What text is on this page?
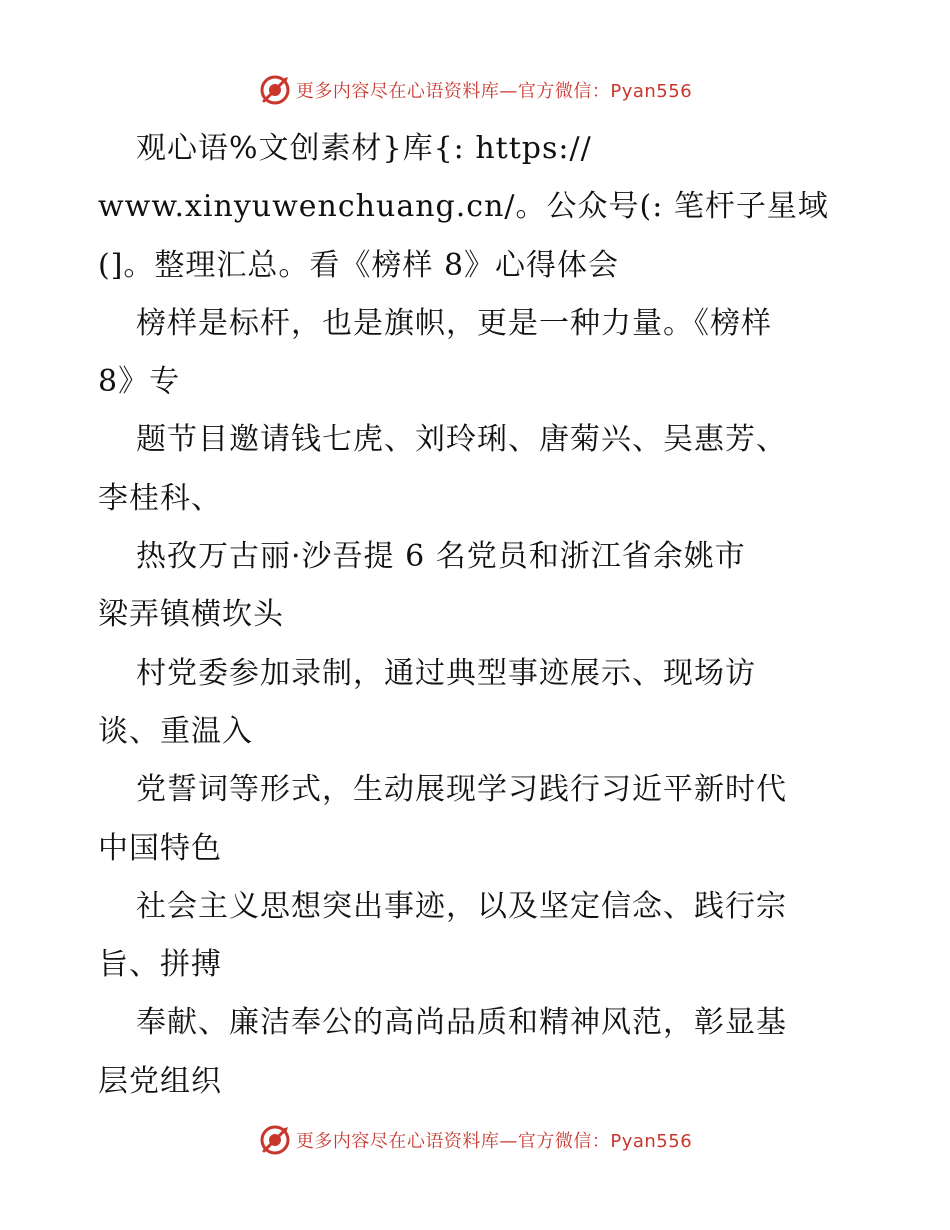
更多内容尽在心语资料库—官方微信：Pyan556
观心语%文创素材}库{: https://
www.xinyuwenchuang.cn/。公众号(: 笔杆子星域
(]。整理汇总。看《榜样 8》心得体会
榜样是标杆，也是旗帜，更是一种力量。《榜样
8》专
题节目邀请钱七虎、刘玲琍、唐菊兴、吴惠芳、
李桂科、
热孜万古丽·沙吾提 6 名党员和浙江省余姚市
梁弄镇横坎头
村党委参加录制，通过典型事迹展示、现场访
谈、重温入
党誓词等形式，生动展现学习践行习近平新时代
中国特色
社会主义思想突出事迹，以及坚定信念、践行宗
旨、拼搏
奉献、廉洁奉公的高尚品质和精神风范，彰显基
层党组织
更多内容尽在心语资料库—官方微信：Pyan556
